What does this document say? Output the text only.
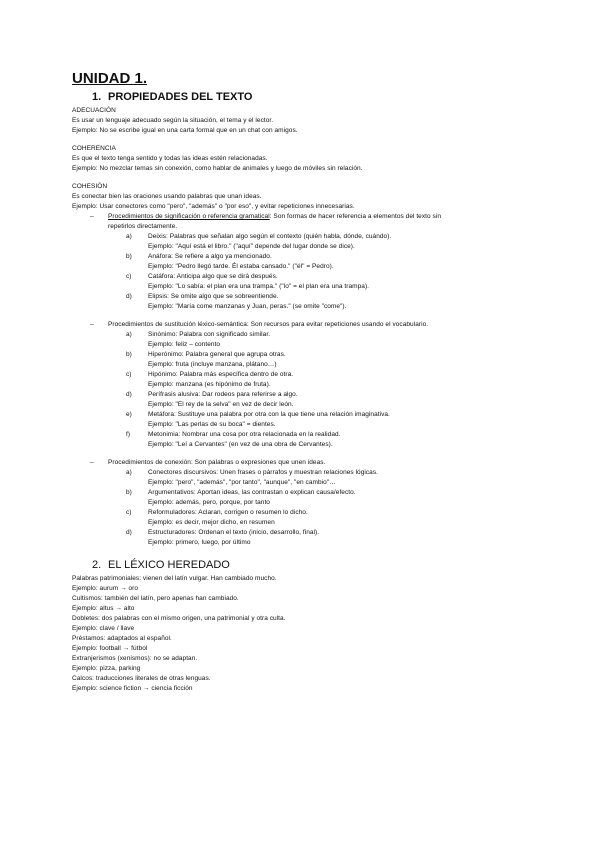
UNIDAD 1.
1. PROPIEDADES DEL TEXTO
ADECUACIÓN
Es usar un lenguaje adecuado según la situación, el tema y el lector.
Ejemplo: No se escribe igual en una carta formal que en un chat con amigos.
COHERENCIA
Es que el texto tenga sentido y todas las ideas estén relacionadas.
Ejemplo: No mezclar temas sin conexión, como hablar de animales y luego de móviles sin relación.
COHESIÓN
Es conectar bien las oraciones usando palabras que unan ideas.
Ejemplo: Usar conectores como "pero", "además" o "por eso", y evitar repeticiones innecesarias.
– Procedimientos de significación o referencia gramatical: Son formas de hacer referencia a elementos del texto sin
repetirlos directamente.
a) Deixis: Palabras que señalan algo según el contexto (quién habla, dónde, cuándo).
Ejemplo: "Aquí está el libro." ("aquí" depende del lugar donde se dice).
b) Anáfora: Se refiere a algo ya mencionado.
Ejemplo: "Pedro llegó tarde. Él estaba cansado." ("él" = Pedro).
c)	Catáfora: Anticipa algo que se dirá después.
Ejemplo: "Lo sabía: el plan era una trampa." ("lo" = el plan era una trampa).
d) Elipsis: Se omite algo que se sobreentiende.
Ejemplo: "María come manzanas y Juan, peras." (se omite "come").
– Procedimientos de sustitución léxico-semántica: Son recursos para evitar repeticiones usando el vocabulario.
a) Sinónimo: Palabra con significado similar.
Ejemplo: feliz – contento
b) Hiperónimo: Palabra general que agrupa otras.
Ejemplo: fruta (incluye manzana, plátano…)
c)	Hipónimo: Palabra más específica dentro de otra.
Ejemplo: manzana (es hipónimo de fruta).
d) Perífrasis alusiva: Dar rodeos para referirse a algo.
Ejemplo: "El rey de la selva" en vez de decir león.
e) Metáfora: Sustituye una palabra por otra con la que tiene una relación imaginativa.
Ejemplo: "Las perlas de su boca" = dientes.
f)	Metonimia: Nombrar una cosa por otra relacionada en la realidad.
Ejemplo: "Leí a Cervantes" (en vez de una obra de Cervantes).
– Procedimientos de conexión: Son palabras o expresiones que unen ideas.
a) Conectores discursivos: Unen frases o párrafos y muestran relaciones lógicas.
Ejemplo: "pero", "además", "por tanto", "aunque", "en cambio"…
b) Argumentativos: Aportan ideas, las contrastan o explican causa/efecto.
Ejemplo: además, pero, porque, por tanto
c)	Reformuladores: Aclaran, corrigen o resumen lo dicho.
Ejemplo: es decir, mejor dicho, en resumen
d) Estructuradores: Ordenan el texto (inicio, desarrollo, final).
Ejemplo: primero, luego, por último
2. EL LÉXICO HEREDADO
Palabras patrimoniales: vienen del latín vulgar. Han cambiado mucho.
Ejemplo: aurum → oro
Cultismos: también del latín, pero apenas han cambiado.
Ejemplo: altus → alto
Dobletes: dos palabras con el mismo origen, una patrimonial y otra culta.
Ejemplo: clave / llave
Préstamos: adaptados al español.
Ejemplo: football → fútbol
Extranjerismos (xenismos): no se adaptan.
Ejemplo: pizza, parking
Calcos: traducciones literales de otras lenguas.
Ejemplo: science fiction → ciencia ficción
